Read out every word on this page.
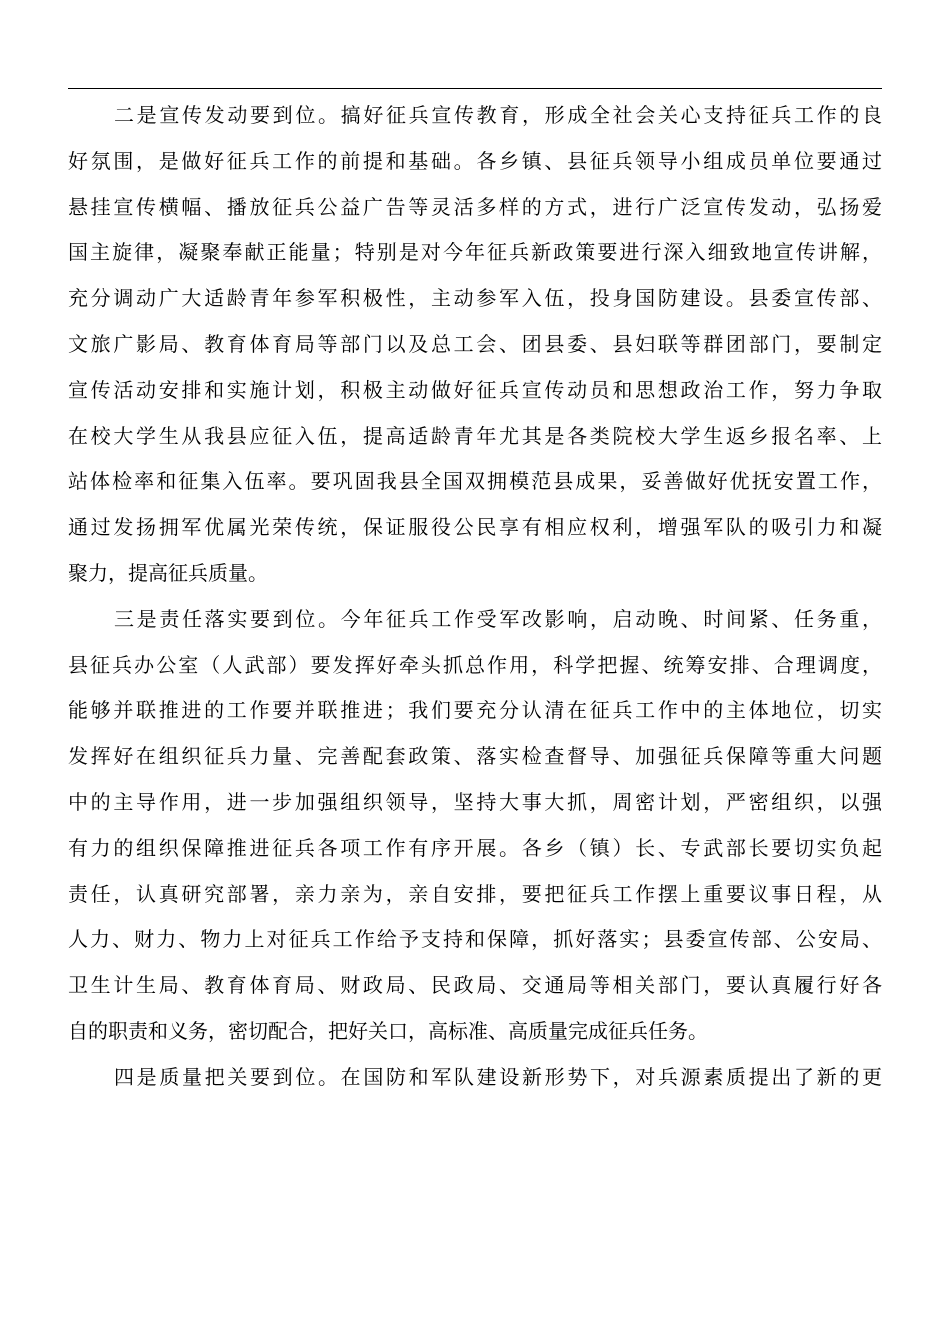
二是宣传发动要到位。搞好征兵宣传教育，形成全社会关心支持征兵工作的良
好氛围，是做好征兵工作的前提和基础。各乡镇、县征兵领导小组成员单位要通过
悬挂宣传横幅、播放征兵公益广告等灵活多样的方式，进行广泛宣传发动，弘扬爱
国主旋律，凝聚奉献正能量；特别是对今年征兵新政策要进行深入细致地宣传讲解，
充分调动广大适龄青年参军积极性，主动参军入伍，投身国防建设。县委宣传部、
文旅广影局、教育体育局等部门以及总工会、团县委、县妇联等群团部门，要制定
宣传活动安排和实施计划，积极主动做好征兵宣传动员和思想政治工作，努力争取
在校大学生从我县应征入伍，提高适龄青年尤其是各类院校大学生返乡报名率、上
站体检率和征集入伍率。要巩固我县全国双拥模范县成果，妥善做好优抚安置工作，
通过发扬拥军优属光荣传统，保证服役公民享有相应权利，增强军队的吸引力和凝
聚力，提高征兵质量。
三是责任落实要到位。今年征兵工作受军改影响，启动晚、时间紧、任务重，
县征兵办公室（人武部）要发挥好牵头抓总作用，科学把握、统筹安排、合理调度，
能够并联推进的工作要并联推进；我们要充分认清在征兵工作中的主体地位，切实
发挥好在组织征兵力量、完善配套政策、落实检查督导、加强征兵保障等重大问题
中的主导作用，进一步加强组织领导，坚持大事大抓，周密计划，严密组织，以强
有力的组织保障推进征兵各项工作有序开展。各乡（镇）长、专武部长要切实负起
责任，认真研究部署，亲力亲为，亲自安排，要把征兵工作摆上重要议事日程，从
人力、财力、物力上对征兵工作给予支持和保障，抓好落实；县委宣传部、公安局、
卫生计生局、教育体育局、财政局、民政局、交通局等相关部门，要认真履行好各
自的职责和义务，密切配合，把好关口，高标准、高质量完成征兵任务。
四是质量把关要到位。在国防和军队建设新形势下，对兵源素质提出了新的更
